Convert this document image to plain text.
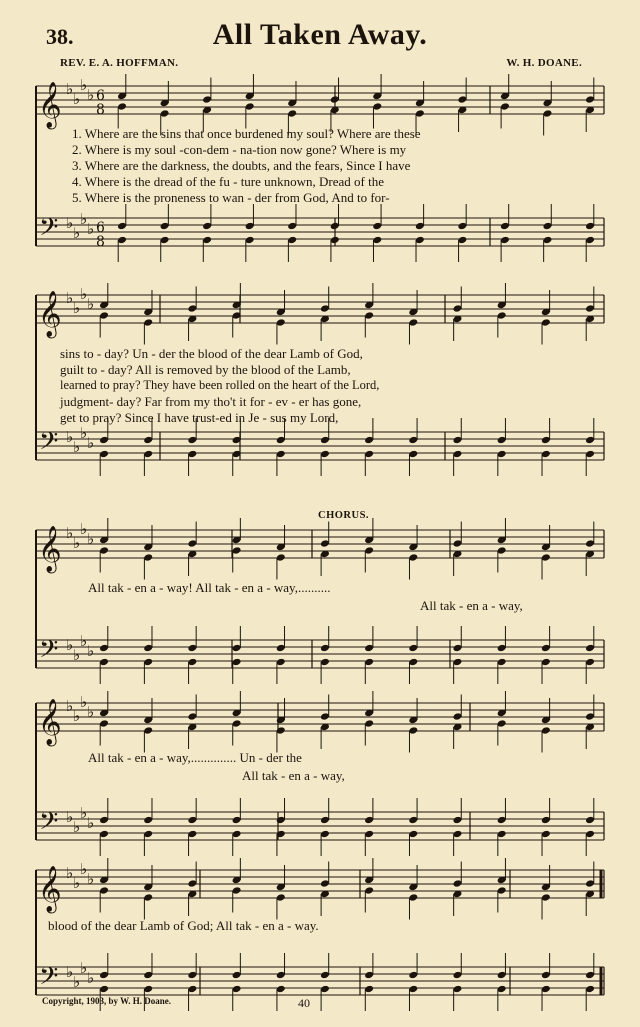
𝄞
𝄢
♭
♭
♭
♭
♭
♭
♭
♭
6
8
6
8
𝄞
𝄢
♭
♭
♭
♭
♭
♭
♭
♭
𝄞
𝄢
♭
♭
♭
♭
♭
♭
♭
♭
𝄞
𝄢
♭
♭
♭
♭
♭
♭
♭
♭
𝄞
𝄢
♭
♭
♭
♭
♭
♭
♭
♭
38.	All Taken Away.
REV. E. A. HOFFMAN.	W. H. DOANE.
1. Where are the sins that once burdened my soul? Where are these
2. Where is my soul -con-dem - na-tion now gone? Where is my
3. Where are the darkness, the doubts, and the fears, Since I have
4. Where is the dread of the fu - ture unknown, Dread of the
5. Where is the proneness to wan - der from God, And to for-
sins to - day? Un - der the blood of the dear Lamb of God,
guilt to - day? All is removed by the blood of the Lamb,
learned to pray? They have been rolled on the heart of the Lord,
judgment- day? Far from my tho't it for - ev - er has gone,
get to pray? Since I have trust-ed in Je - sus my Lord,
CHORUS.
All tak - en a - way! All tak - en a - way,..........
All tak - en a - way,
All tak - en a - way,.............. Un - der the
All tak - en a - way,
blood of the dear Lamb of God; All tak - en a - way.
Copyright, 1903, by W. H. Doane.	40
